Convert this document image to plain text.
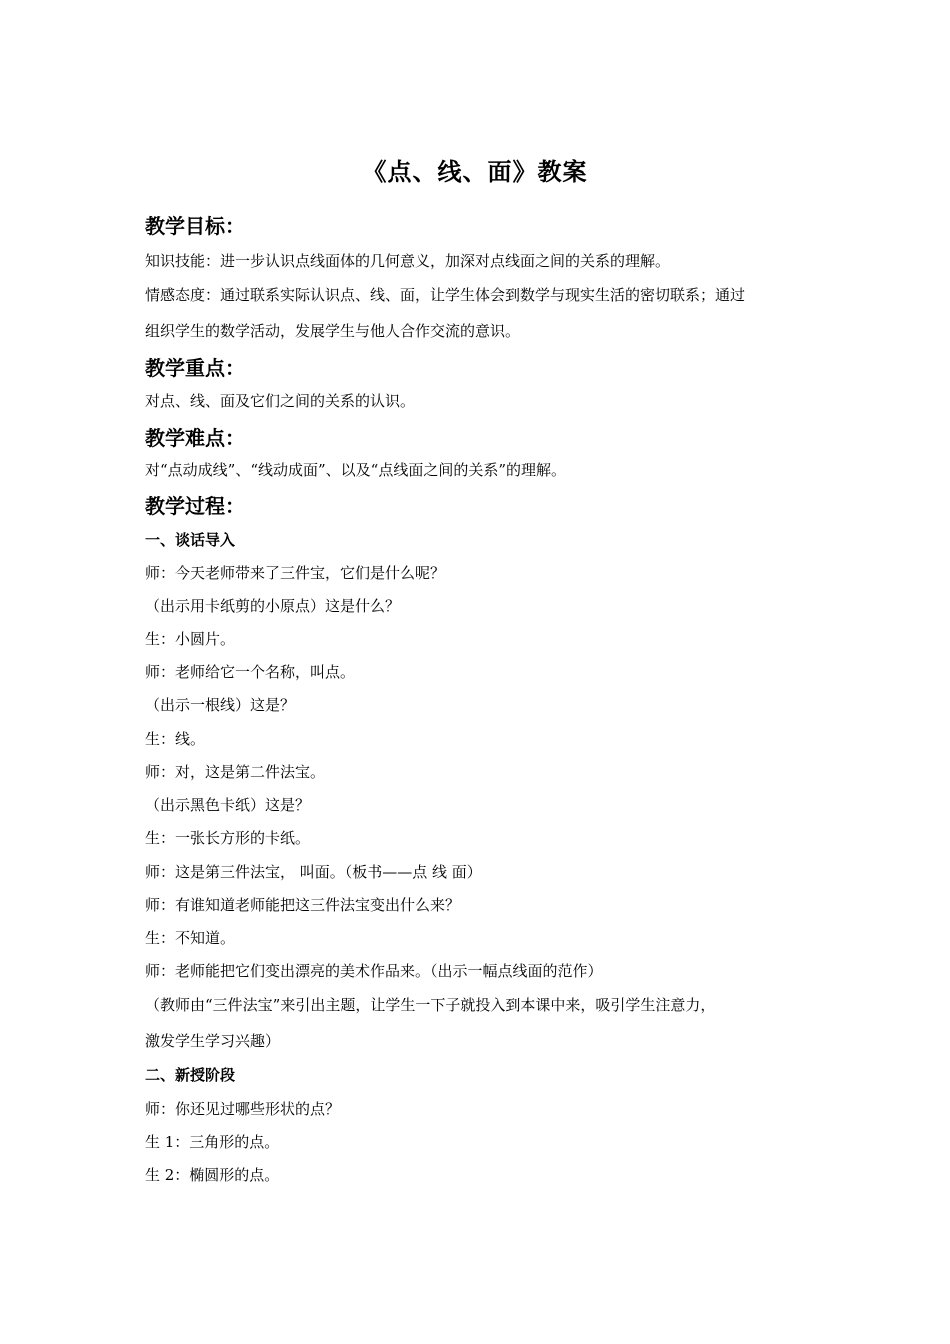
《点、线、面》教案
教学目标：
知识技能：进一步认识点线面体的几何意义，加深对点线面之间的关系的理解。
情感态度：通过联系实际认识点、线、面，让学生体会到数学与现实生活的密切联系；通过
组织学生的数学活动，发展学生与他人合作交流的意识。
教学重点：
对点、线、面及它们之间的关系的认识。
教学难点：
对“点动成线”、“线动成面”、以及“点线面之间的关系”的理解。
教学过程：
一、谈话导入
师：今天老师带来了三件宝，它们是什么呢？
（出示用卡纸剪的小原点）这是什么？
生：小圆片。
师：老师给它一个名称，叫点。
（出示一根线）这是？
生：线。
师：对，这是第二件法宝。
（出示黑色卡纸）这是？
生：一张长方形的卡纸。
师：这是第三件法宝， 叫面。（板书——点 线 面）
师：有谁知道老师能把这三件法宝变出什么来？
生：不知道。
师：老师能把它们变出漂亮的美术作品来。（出示一幅点线面的范作）
（教师由“三件法宝”来引出主题，让学生一下子就投入到本课中来，吸引学生注意力，
激发学生学习兴趣）
二、新授阶段
师：你还见过哪些形状的点？
生 1：三角形的点。
生 2：椭圆形的点。
